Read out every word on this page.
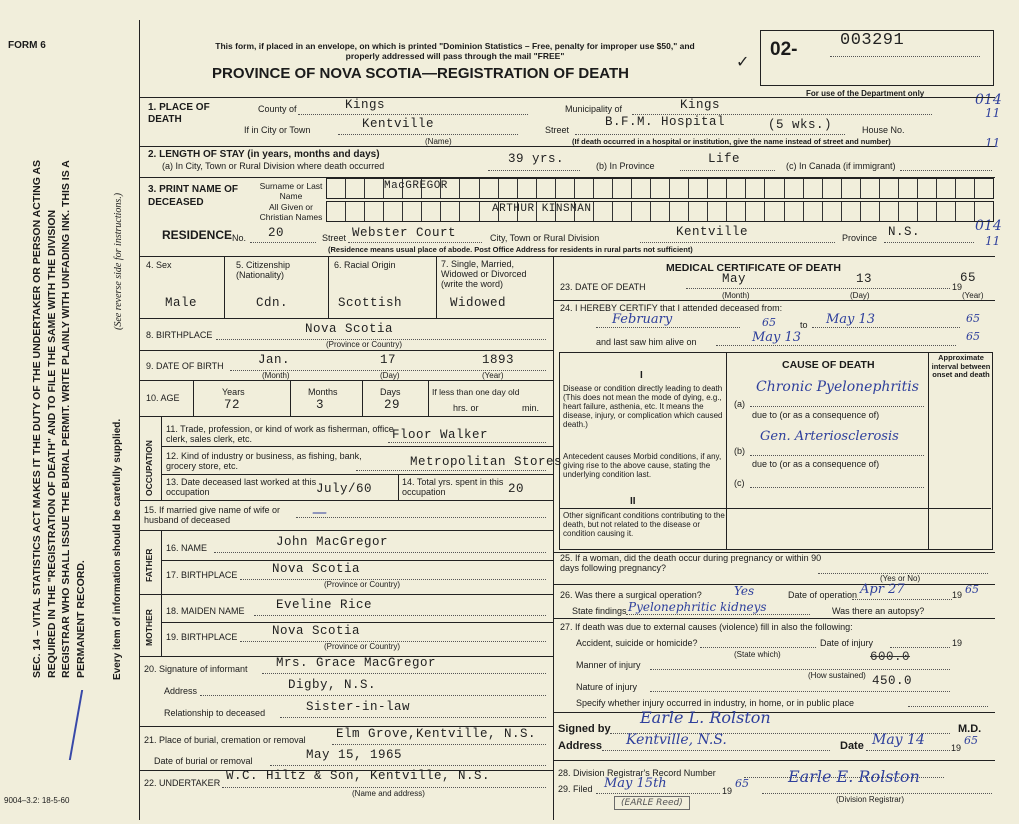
FORM 6
SEC. 14 – VITAL STATISTICS ACT MAKES IT THE DUTY OF THE UNDERTAKER OR PERSON ACTING AS REQUIRED IN THE "REGISTRATION OF DEATH" AND TO FILE THE SAME WITH THE DIVISION REGISTRAR WHO SHALL ISSUE THE BURIAL PERMIT. WRITE PLAINLY WITH UNFADING INK. THIS IS A PERMANENT RECORD.	Every item of information should be carefully supplied.
(See reverse side for instructions.)
9004–3.2: 18-5-60
This form, if placed in an envelope, on which is printed "Dominion Statistics – Free, penalty for improper use $50," and properly addressed will pass through the mail "FREE"
PROVINCE OF NOVA SCOTIA—REGISTRATION OF DEATH
✓
02-	003291
For use of the Department only	014
11
11
014
11
1. PLACE OF DEATH
County of	Kings	Municipality of	Kings
If in City or Town	Kentville
(Name)
Street
B.F.M. Hospital	(5 wks.)	House No.
(If death occurred in a hospital or institution, give the name instead of street and number)
2. LENGTH OF STAY (in years, months and days)
(a) In City, Town or Rural Division where death occurred	39 yrs.	(b) In Province	Life	(c) In Canada (if immigrant)
3. PRINT NAME OF DECEASED
Surname or Last Name
MacGREGOR
All Given or Christian Names
ARTHUR KINSMAN
RESIDENCE No. 20	Street Webster Court	City, Town or Rural Division	Kentville	Province N.S.
(Residence means usual place of abode. Post Office Address for residents in rural parts not sufficient)
4. Sex	5. Citizenship (Nationality)
6. Racial Origin	7. Single, Married, Widowed or Divorced (write the word)
Male	Cdn.	Scottish	Widowed
8. BIRTHPLACE	Nova Scotia
(Province or Country)
9. DATE OF BIRTH	Jan.	17	1893
(Month)	(Day)	(Year)
10. AGE
Years	Months	Days
72	3	29
If less than one day old
hrs. or	min.
OCCUPATION
11. Trade, profession, or kind of work as fisherman, office clerk, sales clerk, etc.	Floor Walker
12. Kind of industry or business, as fishing, bank, grocery store, etc.	Metropolitan Stores
13. Date deceased last worked at this occupation	July/60	14. Total yrs. spent in this occupation	20
15. If married give name of wife or husband of deceased	—
FATHER
16. NAME	John MacGregor
17. BIRTHPLACE	Nova Scotia
(Province or Country)
MOTHER 18. MAIDEN NAME	Eveline Rice
19. BIRTHPLACE	Nova Scotia
(Province or Country)
20. Signature of informant Mrs. Grace MacGregor
Address	Digby, N.S.
Relationship to deceased	Sister-in-law
21. Place of burial, cremation or removal Elm Grove,Kentville, N.S.
Date of burial or removal	May 15, 1965
22. UNDERTAKER W.C. Hiltz & Son, Kentville, N.S.
(Name and address)
MEDICAL CERTIFICATE OF DEATH
23. DATE OF DEATH
May	13
19
65
(Month)	(Day)	(Year)
24. I HEREBY CERTIFY that I attended deceased from:
February	65	to May 13	65
and last saw him alive on	May 13	65
CAUSE OF DEATH
Approximate interval between onset and death
I
Disease or condition directly leading to death (This does not mean the mode of dying, e.g., heart failure, asthenia, etc. It means the disease, injury, or complication which caused death.)
(a)
Chronic Pyelonephritis
due to (or as a consequence of)
Antecedent causes Morbid conditions, if any, giving rise to the above cause, stating the underlying condition last.
Gen. Arteriosclerosis
(b)
due to (or as a consequence of)
(c)
II
Other significant conditions contributing to the death, but not related to the disease or condition causing it.
25. If a woman, did the death occur during pregnancy or within 90 days following pregnancy?
(Yes or No)
26. Was there a surgical operation?	Yes	Date of operation Apr 27	19 65
State findings Pyelonephritic kidneys	Was there an autopsy?
27. If death was due to external causes (violence) fill in also the following:
Accident, suicide or homicide?
(State which)
Date of injury	19
Manner of injury
600.0
(How sustained)
Nature of injury	450.0
Specify whether injury occurred in industry, in home, or in public place
Signed by
Earle L. Rolston
M.D.
Address Kentville, N.S.	Date May 14	19
65
28. Division Registrar's Record Number
29. Filed May 15th	19
65 Earle E. Rolston
(Division Registrar)
(EARLE Reed)
